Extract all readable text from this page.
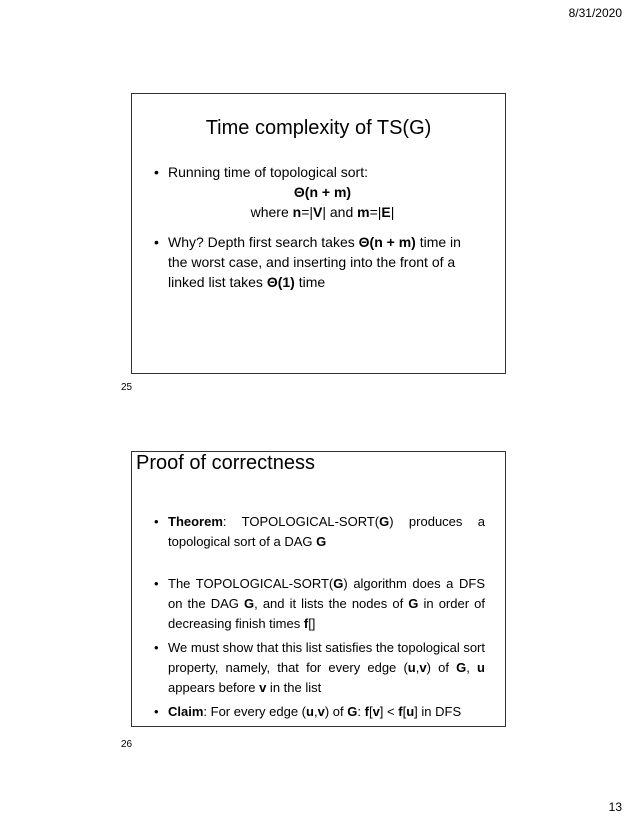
8/31/2020
Time complexity of TS(G)
• Running time of topological sort:
Θ(n + m)
where n=|V| and m=|E|
• Why? Depth first search takes Θ(n + m) time in the worst case, and inserting into the front of a linked list takes Θ(1) time
25
Proof of correctness
• Theorem: TOPOLOGICAL-SORT(G) produces a topological sort of a DAG G
• The TOPOLOGICAL-SORT(G) algorithm does a DFS on the DAG G, and it lists the nodes of G in order of decreasing finish times f[]
• We must show that this list satisfies the topological sort property, namely, that for every edge (u,v) of G, u appears before v in the list
• Claim: For every edge (u,v) of G: f[v] < f[u] in DFS
26
13
